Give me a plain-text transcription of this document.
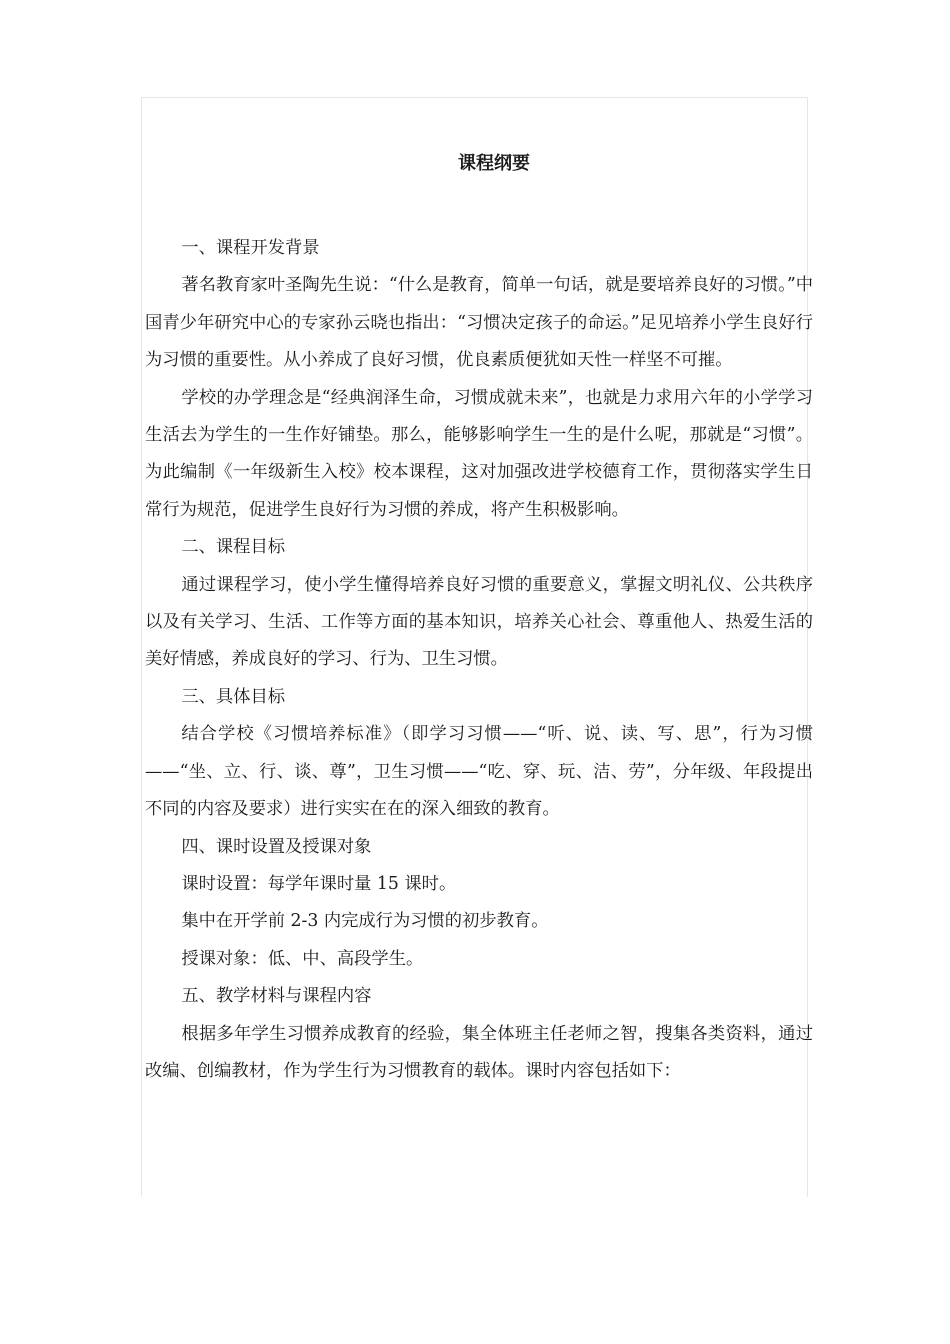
课程纲要
一、课程开发背景
著名教育家叶圣陶先生说：“什么是教育，简单一句话，就是要培养良好的习惯。”中国青少年研究中心的专家孙云晓也指出：“习惯决定孩子的命运。”足见培养小学生良好行为习惯的重要性。从小养成了良好习惯，优良素质便犹如天性一样坚不可摧。
学校的办学理念是“经典润泽生命，习惯成就未来”，也就是力求用六年的小学学习生活去为学生的一生作好铺垫。那么，能够影响学生一生的是什么呢，那就是“习惯”。为此编制《一年级新生入校》校本课程，这对加强改进学校德育工作，贯彻落实学生日常行为规范，促进学生良好行为习惯的养成，将产生积极影响。
二、课程目标
通过课程学习，使小学生懂得培养良好习惯的重要意义，掌握文明礼仪、公共秩序以及有关学习、生活、工作等方面的基本知识，培养关心社会、尊重他人、热爱生活的美好情感，养成良好的学习、行为、卫生习惯。
三、具体目标
结合学校《习惯培养标准》（即学习习惯——“听、说、读、写、思”，行为习惯——“坐、立、行、谈、尊”，卫生习惯——“吃、穿、玩、洁、劳”，分年级、年段提出不同的内容及要求）进行实实在在的深入细致的教育。
四、课时设置及授课对象
课时设置：每学年课时量 15 课时。
集中在开学前 2-3 内完成行为习惯的初步教育。
授课对象：低、中、高段学生。
五、教学材料与课程内容
根据多年学生习惯养成教育的经验，集全体班主任老师之智，搜集各类资料，通过改编、创编教材，作为学生行为习惯教育的载体。课时内容包括如下：
